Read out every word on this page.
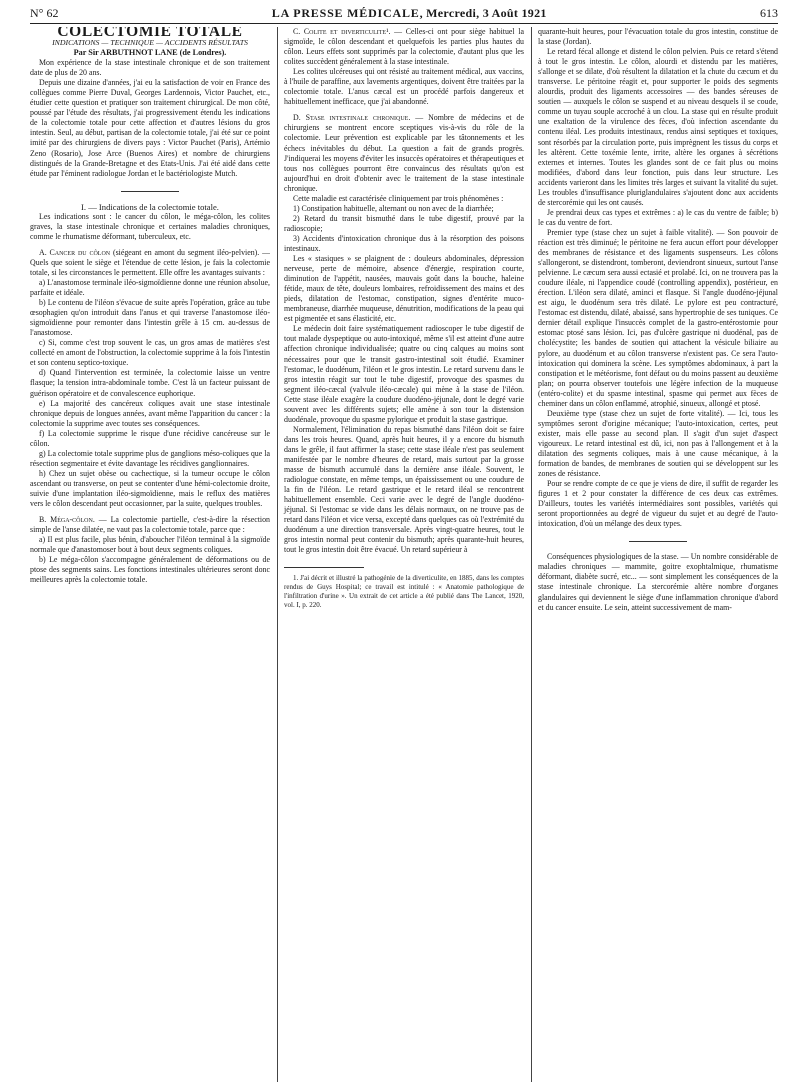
N° 62	LA PRESSE MÉDICALE, Mercredi, 3 Août 1921	613

COLECTOMIE TOTALE

INDICATIONS — TECHNIQUE — ACCIDENTS RÉSULTATS

Par Sir ARBUTHNOT LANE (de Londres).

Mon expérience de la stase intestinale chronique et de son traitement date de plus de 20 ans.

Depuis une dizaine d'années, j'ai eu la satisfaction de voir en France des collègues comme Pierre Duval, Georges Lardennois, Victor Pauchet, etc., étudier cette question et pratiquer son traitement chirurgical. De mon côté, poussé par l'étude des résultats, j'ai progressivement étendu les indications de la colectomie totale pour cette affection et d'autres lésions du gros intestin. Seul, au début, partisan de la colectomie totale, j'ai été sur ce point imité par des chirurgiens de divers pays : Victor Pauchet (Paris), Artémio Zeno (Rosario), Jose Arce (Buenos Aires) et nombre de chirurgiens distingués de la Grande-Bretagne et des Etats-Unis. J'ai été aidé dans cette étude par l'éminent radiologue Jordan et le bactériologiste Mutch.

I. — Indications de la colectomie totale.

Les indications sont : le cancer du côlon, le méga-côlon, les colites graves, la stase intestinale chronique et certaines maladies chroniques, comme le rhumatisme déformant, tuberculeux, etc.

A. Cancer du côlon (siégeant en amont du segment iléo-pelvien). — Quels que soient le siège et l'étendue de cette lésion, je fais la colectomie totale, si les circonstances le permettent. Elle offre les avantages suivants :

a) L'anastomose terminale iléo-sigmoïdienne donne une réunion absolue, parfaite et idéale.

b) Le contenu de l'iléon s'évacue de suite après l'opération, grâce au tube œsophagien qu'on introduit dans l'anus et qui traverse l'anastomose iléo-sigmoïdienne pour remonter dans l'intestin grêle à 15 cm. au-dessus de l'anastomose.

c) Si, comme c'est trop souvent le cas, un gros amas de matières s'est collecté en amont de l'obstruction, la colectomie supprime à la fois l'intestin et son contenu septico-toxique.

d) Quand l'intervention est terminée, la colectomie laisse un ventre flasque; la tension intra-abdominale tombe. C'est là un facteur puissant de guérison opératoire et de convalescence euphorique.

e) La majorité des cancéreux coliques avait une stase intestinale chronique depuis de longues années, avant même l'apparition du cancer : la colectomie la supprime avec toutes ses conséquences.

f) La colectomie supprime le risque d'une récidive cancéreuse sur le côlon.

g) La colectomie totale supprime plus de ganglions méso-coliques que la résection segmentaire et évite davantage les récidives ganglionnaires.

h) Chez un sujet obèse ou cachectique, si la tumeur occupe le côlon ascendant ou transverse, on peut se contenter d'une hémi-colectomie droite, suivie d'une implantation iléo-sigmoïdienne, mais le reflux des matières vers le côlon descendant peut occasionner, par la suite, quelques troubles.

B. Méga-côlon. — La colectomie partielle, c'est-à-dire la résection simple de l'anse dilatée, ne vaut pas la colectomie totale, parce que :

a) Il est plus facile, plus bénin, d'aboucher l'iléon terminal à la sigmoïde normale que d'anastomoser bout à bout deux segments coliques.

b) Le méga-côlon s'accompagne généralement de déformations ou de ptose des segments sains. Les fonctions intestinales ultérieures seront donc meilleures après la colectomie totale.

C. Colite et diverticulite¹. — Celles-ci ont pour siège habituel la sigmoïde, le côlon descendant et quelquefois les parties plus hautes du côlon. Leurs effets sont supprimés par la colectomie, d'autant plus que les colites succèdent généralement à la stase intestinale.

Les colites ulcéreuses qui ont résisté au traitement médical, aux vaccins, à l'huile de paraffine, aux lavements argentiques, doivent être traitées par la colectomie totale. L'anus cæcal est un procédé parfois dangereux et habituellement inefficace, que j'ai abandonné.

D. Stase intestinale chronique. — Nombre de médecins et de chirurgiens se montrent encore sceptiques vis-à-vis du rôle de la colectomie. Leur prévention est explicable par les tâtonnements et les échecs inévitables du début. La question a fait de grands progrès. J'indiquerai les moyens d'éviter les insuccès opératoires et thérapeutiques et tous nos collègues pourront être convaincus des résultats qu'on est aujourd'hui en droit d'obtenir avec le traitement de la stase intestinale chronique.

Cette maladie est caractérisée cliniquement par trois phénomènes :

1) Constipation habituelle, alternant ou non avec de la diarrhée;

2) Retard du transit bismuthé dans le tube digestif, prouvé par la radioscopie;

3) Accidents d'intoxication chronique dus à la résorption des poisons intestinaux.

Les « stasiques » se plaignent de : douleurs abdominales, dépression nerveuse, perte de mémoire, absence d'énergie, respiration courte, diminution de l'appétit, nausées, mauvais goût dans la bouche, haleine fétide, maux de tête, douleurs lombaires, refroidissement des mains et des pieds, dilatation de l'estomac, constipation, signes d'entérite muco-membraneuse, diarrhée muqueuse, dénutrition, modifications de la peau qui est pigmentée et sans élasticité, etc.

Le médecin doit faire systématiquement radioscoper le tube digestif de tout malade dyspeptique ou auto-intoxiqué, même s'il est atteint d'une autre affection chronique individualisée; quatre ou cinq calques au moins sont nécessaires pour que le transit gastro-intestinal soit étudié. Examiner l'estomac, le duodénum, l'iléon et le gros intestin. Le retard survenu dans le gros intestin réagit sur tout le tube digestif, provoque des spasmes du segment iléo-cæcal (valvule iléo-cæcale) qui mène à la stase de l'iléon. Cette stase iléale exagère la coudure duodéno-jéjunale, dont le degré varie souvent avec les différents sujets; elle amène à son tour la distension duodénale, provoque du spasme pylorique et produit la stase gastrique.

Normalement, l'élimination du repas bismuthé dans l'iléon doit se faire dans les trois heures. Quand, après huit heures, il y a encore du bismuth dans le grêle, il faut affirmer la stase; cette stase iléale n'est pas seulement manifestée par le nombre d'heures de retard, mais surtout par la grosse masse de bismuth accumulé dans la dernière anse iléale. Souvent, le radiologue constate, en même temps, un épaississement ou une coudure de la fin de l'iléon. Le retard gastrique et le retard iléal se rencontrent habituellement ensemble. Ceci varie avec le degré de l'angle duodéno-jéjunal. Si l'estomac se vide dans les délais normaux, on ne trouve pas de retard dans l'iléon et vice versa, excepté dans quelques cas où l'extrémité du duodénum a une direction transversale. Après vingt-quatre heures, tout le gros intestin normal peut contenir du bismuth; après quarante-huit heures, tout le gros intestin doit être évacué. Un retard supérieur à

1. J'ai décrit et illustré la pathogénie de la diverticulite, en 1885, dans les comptes rendus de Guys Hospital; ce travail est intitulé : « Anatomie pathologique de l'infiltration d'urine ». Un extrait de cet article a été publié dans The Lancet, 1920, vol. I, p. 220.

quarante-huit heures, pour l'évacuation totale du gros intestin, constitue de la stase (Jordan).

Le retard fécal allonge et distend le côlon pelvien. Puis ce retard s'étend à tout le gros intestin. Le côlon, alourdi et distendu par les matières, s'allonge et se dilate, d'où résultent la dilatation et la chute du cæcum et du transverse. Le péritoine réagit et, pour supporter le poids des segments alourdis, produit des ligaments accessoires — des bandes séreuses de soutien — auxquels le côlon se suspend et au niveau desquels il se coude, comme un tuyau souple accroché à un clou. La stase qui en résulte produit une exaltation de la virulence des fèces, d'où infection ascendante du contenu iléal. Les produits intestinaux, rendus ainsi septiques et toxiques, sont résorbés par la circulation porte, puis imprègnent les tissus du corps et les altèrent. Cette toxémie lente, irrite, altère les organes à sécrétions externes et internes. Toutes les glandes sont de ce fait plus ou moins modifiées, d'abord dans leur fonction, puis dans leur structure. Les accidents varieront dans les limites très larges et suivant la vitalité du sujet. Les troubles d'insuffisance pluriglandulaires s'ajoutent donc aux accidents de stercorémie qui les ont causés.

Je prendrai deux cas types et extrêmes : a) le cas du ventre de faible; b) le cas du ventre de fort.

Premier type (stase chez un sujet à faible vitalité). — Son pouvoir de réaction est très diminué; le péritoine ne fera aucun effort pour développer des membranes de résistance et des ligaments suspenseurs. Les côlons s'allongeront, se distendront, tomberont, deviendront sinueux, surtout l'anse pelvienne. Le cæcum sera aussi ectasié et prolabé. Ici, on ne trouvera pas la coudure iléale, ni l'appendice coudé (controlling appendix), postérieur, en érection. L'iléon sera dilaté, aminci et flasque. Si l'angle duodéno-jéjunal est aigu, le duodénum sera très dilaté. Le pylore est peu contracturé, l'estomac est distendu, dilaté, abaissé, sans hypertrophie de ses tuniques. Ce dernier détail explique l'insuccès complet de la gastro-entérostomie pour estomac ptosé sans lésion. Ici, pas d'ulcère gastrique ni duodénal, pas de cholécystite; les bandes de soutien qui attachent la vésicule biliaire au pylore, au duodénum et au côlon transverse n'existent pas. Ce sera l'auto-intoxication qui dominera la scène. Les symptômes abdominaux, à part la constipation et le météorisme, font défaut ou du moins passent au deuxième plan; on pourra observer toutefois une légère infection de la muqueuse (entéro-colite) et du spasme intestinal, spasme qui permet aux fèces de cheminer dans un côlon enflammé, atrophié, sinueux, allongé et ptosé.

Deuxième type (stase chez un sujet de forte vitalité). — Ici, tous les symptômes seront d'origine mécanique; l'auto-intoxication, certes, peut exister, mais elle passe au second plan. Il s'agit d'un sujet d'aspect vigoureux. Le retard intestinal est dû, ici, non pas à l'allongement et à la dilatation des segments coliques, mais à une cause mécanique, à la formation de bandes, de membranes de soutien qui se développent sur les zones de résistance.

Pour se rendre compte de ce que je viens de dire, il suffit de regarder les figures 1 et 2 pour constater la différence de ces deux cas extrêmes. D'ailleurs, toutes les variétés intermédiaires sont possibles, variétés qui seront proportionnées au degré de vigueur du sujet et au degré de l'auto-intoxication, d'où un mélange des deux types.

Conséquences physiologiques de la stase. — Un nombre considérable de maladies chroniques — mammite, goitre exophtalmique, rhumatisme déformant, diabète sucré, etc... — sont simplement les conséquences de la stase intestinale chronique. La stercorémie altère nombre d'organes glandulaires qui deviennent le siège d'une inflammation chronique d'abord et du cancer ensuite. Le sein, atteint successivement de mam-
